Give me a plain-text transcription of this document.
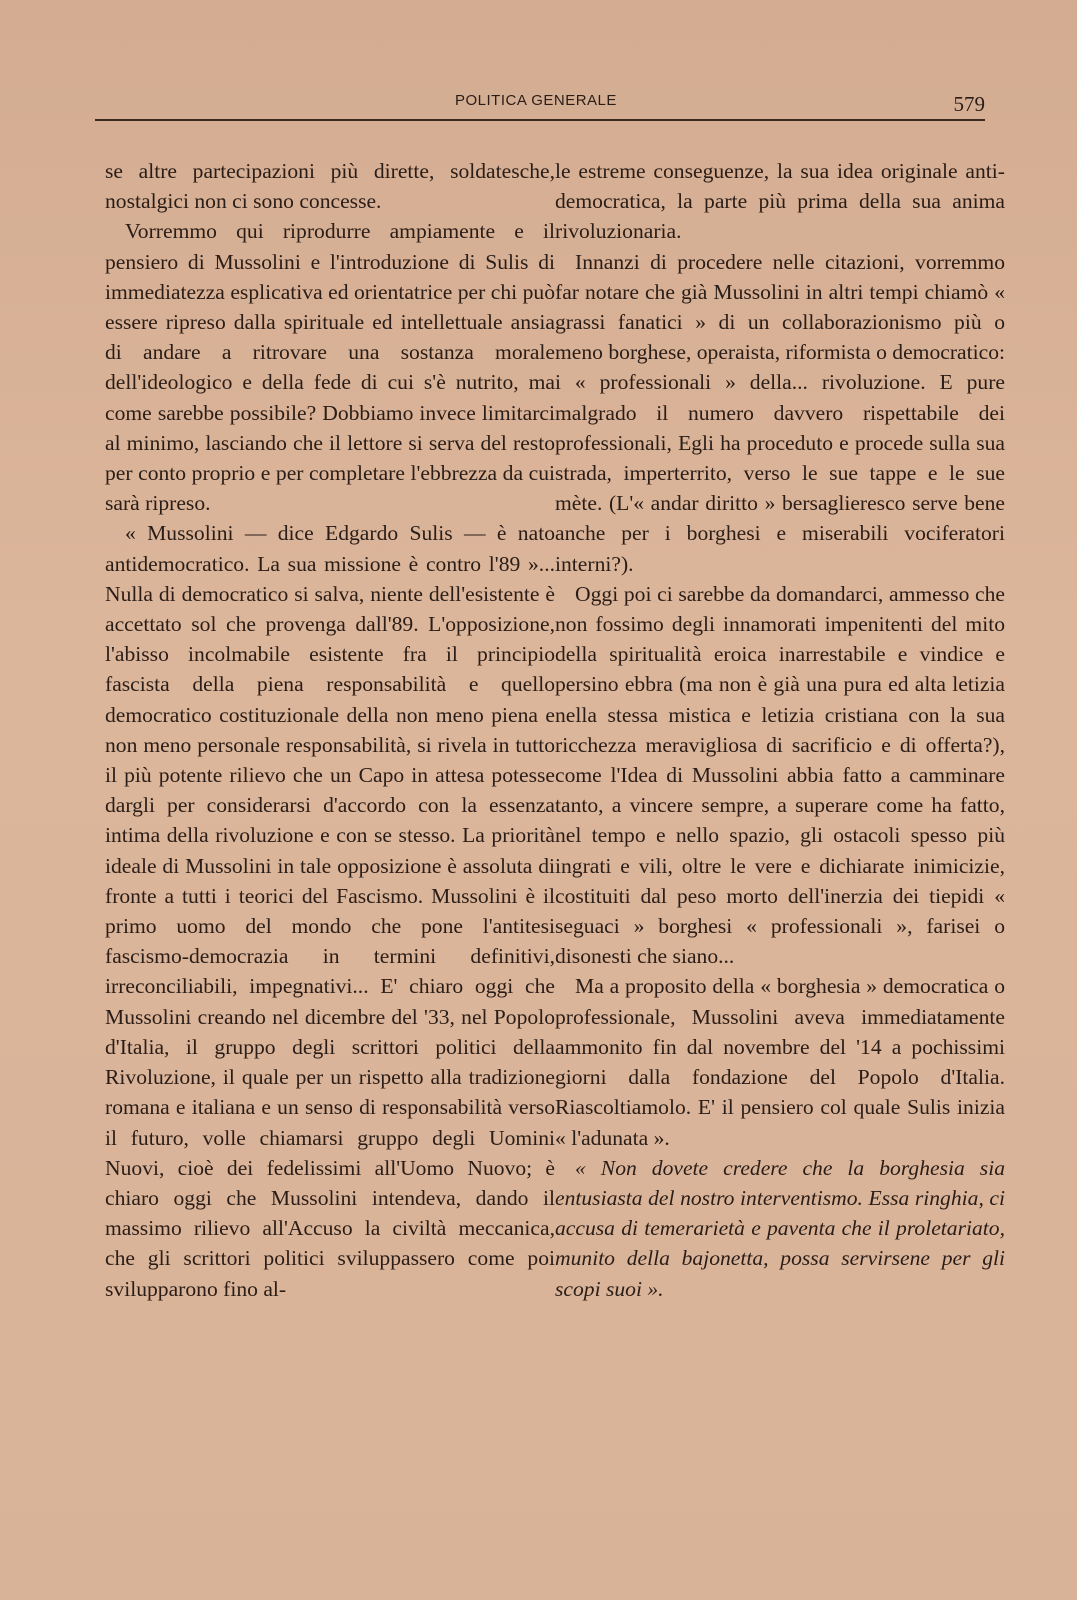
POLITICA GENERALE	579

se altre partecipazioni più dirette, soldatesche, nostalgici non ci sono concesse.

Vorremmo qui riprodurre ampiamente e il pensiero di Mussolini e l'introduzione di Sulis di immediatezza esplicativa ed orientatrice per chi può essere ripreso dalla spirituale ed intellettuale ansia di andare a ritrovare una sostanza morale dell'ideologico e della fede di cui s'è nutrito, ma come sarebbe possibile? Dobbiamo invece limitarci al minimo, lasciando che il lettore si serva del resto per conto proprio e per completare l'ebbrezza da cui sarà ripreso.

« Mussolini — dice Edgardo Sulis — è nato antidemocratico. La sua missione è contro l'89 »... Nulla di democratico si salva, niente dell'esistente è accettato sol che provenga dall'89. L'opposizione, l'abisso incolmabile esistente fra il principio fascista della piena responsabilità e quello democratico costituzionale della non meno piena e non meno personale responsabilità, si rivela in tutto il più potente rilievo che un Capo in attesa potesse dargli per considerarsi d'accordo con la essenza intima della rivoluzione e con se stesso. La priorità ideale di Mussolini in tale opposizione è assoluta di fronte a tutti i teorici del Fascismo. Mussolini è il primo uomo del mondo che pone l'antitesi fascismo-democrazia in termini definitivi, irreconciliabili, impegnativi... E' chiaro oggi che Mussolini creando nel dicembre del '33, nel Popolo d'Italia, il gruppo degli scrittori politici della Rivoluzione, il quale per un rispetto alla tradizione romana e italiana e un senso di responsabilità verso il futuro, volle chiamarsi gruppo degli Uomini Nuovi, cioè dei fedelissimi all'Uomo Nuovo; è chiaro oggi che Mussolini intendeva, dando il massimo rilievo all'Accuso la civiltà meccanica, che gli scrittori politici sviluppassero come poi svilupparono fino al-

le estreme conseguenze, la sua idea originale anti-democratica, la parte più prima della sua anima rivoluzionaria.

Innanzi di procedere nelle citazioni, vorremmo far notare che già Mussolini in altri tempi chiamò « grassi fanatici » di un collaborazionismo più o meno borghese, operaista, riformista o democratico: i « professionali » della... rivoluzione. E pure malgrado il numero davvero rispettabile dei professionali, Egli ha proceduto e procede sulla sua strada, imperterrito, verso le sue tappe e le sue mète. (L'« andar diritto » bersaglieresco serve bene anche per i borghesi e miserabili vociferatori interni?).

Oggi poi ci sarebbe da domandarci, ammesso che non fossimo degli innamorati impenitenti del mito della spiritualità eroica inarrestabile e vindice e persino ebbra (ma non è già una pura ed alta letizia nella stessa mistica e letizia cristiana con la sua ricchezza meravigliosa di sacrificio e di offerta?), come l'Idea di Mussolini abbia fatto a camminare tanto, a vincere sempre, a superare come ha fatto, nel tempo e nello spazio, gli ostacoli spesso più ingrati e vili, oltre le vere e dichiarate inimicizie, costituiti dal peso morto dell'inerzia dei tiepidi « seguaci » borghesi « professionali », farisei o disonesti che siano...

Ma a proposito della « borghesia » democratica o professionale, Mussolini aveva immediatamente ammonito fin dal novembre del '14 a pochissimi giorni dalla fondazione del Popolo d'Italia. Riascoltiamolo. E' il pensiero col quale Sulis inizia « l'adunata ».

« Non dovete credere che la borghesia sia entusiasta del nostro interventismo. Essa ringhia, ci accusa di temerarietà e paventa che il proletariato, munito della bajonetta, possa servirsene per gli scopi suoi ».
